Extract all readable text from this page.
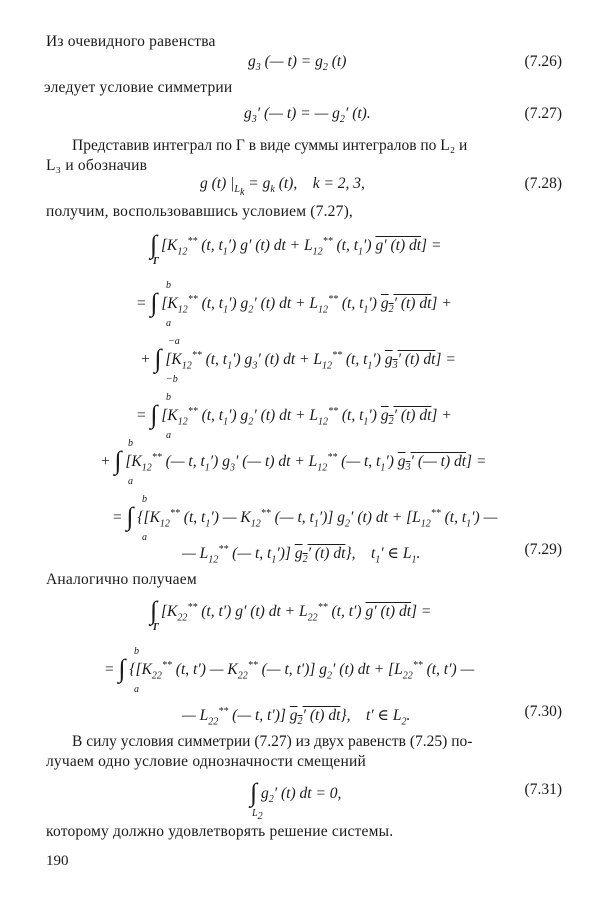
Из очевидного равенства
$g_3$ (— $t) = g_2$ (t)	(7.26)
элeдует условие симметрии
$g_3'$ (— t) = — $g_2'$ (t).	(7.27)
Представив интеграл по Γ в виде суммы интегралов по L₂ и
L₃ и обозначив
g (t) $|_{L_k} = g_k$ (t),    k = 2, 3,	(7.28)
получим, воспользовавшись условием (7.27),
∫
Γ
[$K_{12}^{**}$ (t, $t_1'$) g′ (t) dt + $L_{12}^{**}$ (t, $t_1'$) g′ (t) dt] =
= ∫
b
a
[$K_{12}^{**}$ (t, $t_1'$) $g_2'$ (t) dt + $L_{12}^{**}$ (t, $t_1'$) $g_2'$ (t) dt] +
+ ∫
−a
−b
[$K_{12}^{**}$ (t, $t_1'$) $g_3'$ (t) dt + $L_{12}^{**}$ (t, $t_1'$) $g_3'$ (t) dt] =
= ∫
b
a
[$K_{12}^{**}$ (t, $t_1'$) $g_2'$ (t) dt + $L_{12}^{**}$ (t, $t_1'$) $g_2'$ (t) dt] +
+ ∫
b
a
[$K_{12}^{**}$ (— t, $t_1'$) $g_3'$ (— t) dt + $L_{12}^{**}$ (— t, $t_1'$) $g_3'$ (— t) dt] =
= ∫
b
a
{[$K_{12}^{**}$ (t, $t_1'$) — $K_{12}^{**}$ (— t, $t_1'$)] $g_2'$ (t) dt + [$L_{12}^{**}$ (t, $t_1'$) —
— $L_{12}^{**}$ (— t, $t_1'$)] $g_2'$ (t) dt},    $t_1'$ ∈ $L_1$.	(7.29)
Аналогично получаем
∫
Γ
[$K_{22}^{**}$ (t, t′) g′ (t) dt + $L_{22}^{**}$ (t, t′) g′ (t) dt] =
= ∫
b
a
{[$K_{22}^{**}$ (t, t′) — $K_{22}^{**}$ (— t, t′)] $g_2'$ (t) dt + [$L_{22}^{**}$ (t, t′) —
— $L_{22}^{**}$ (— t, t′)] $g_2'$ (t) dt},    t′ ∈ $L_2$.	(7.30)
В силу условия симметрии (7.27) из двух равенств (7.25) по-
лучаем одно условие однозначности смещений
∫
$L_2$
$g_2'$ (t) dt = 0,	(7.31)
которому должно удовлетворять решение системы.
190
